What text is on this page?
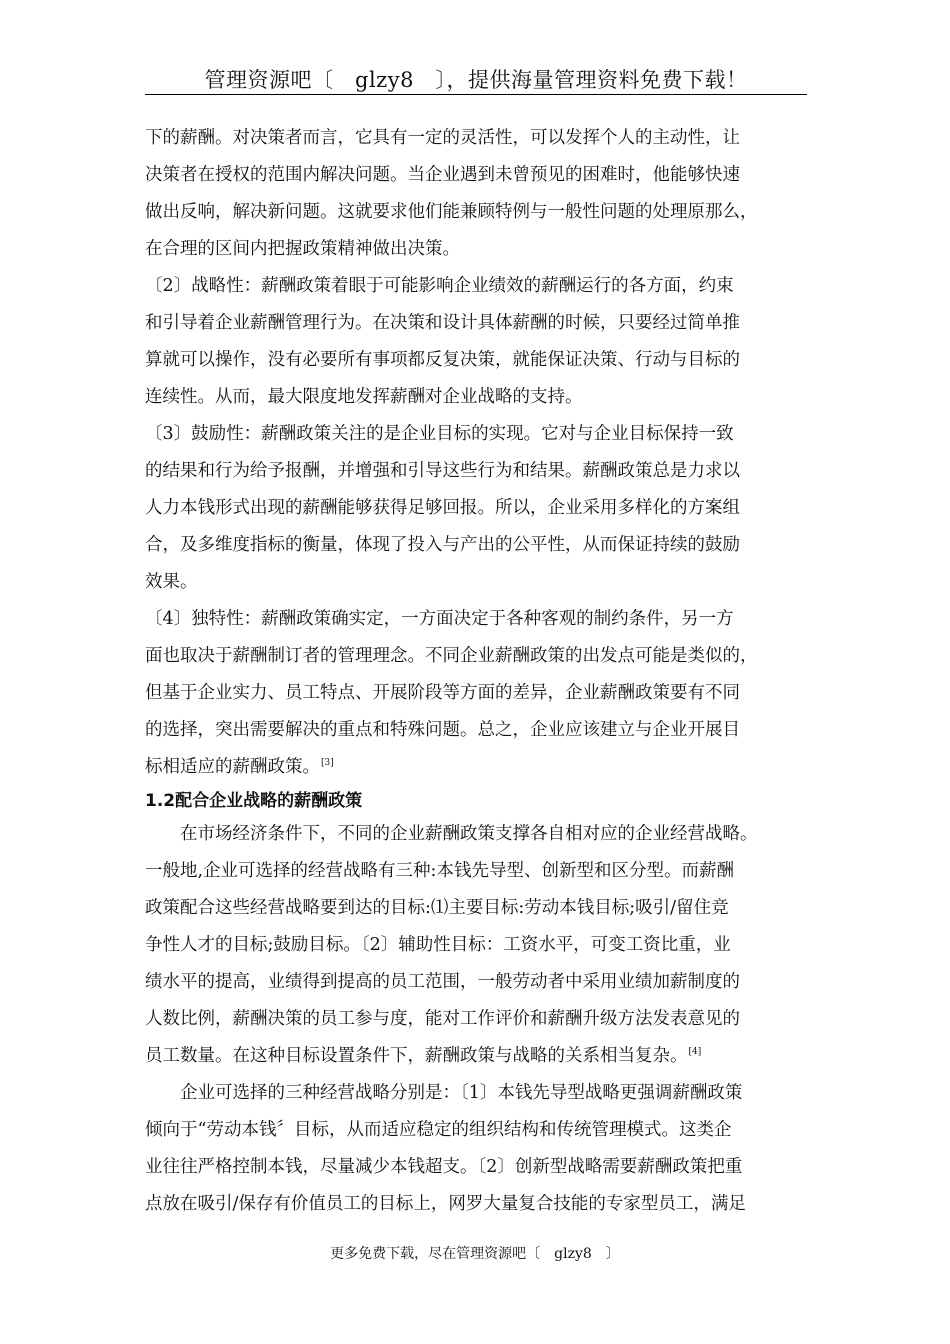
管理资源吧〔　glzy8　〕，提供海量管理资料免费下载！
下的薪酬。对决策者而言，它具有一定的灵活性，可以发挥个人的主动性，让
决策者在授权的范围内解决问题。当企业遇到未曾预见的困难时，他能够快速
做出反响，解决新问题。这就要求他们能兼顾特例与一般性问题的处理原那么，
在合理的区间内把握政策精神做出决策。
〔2〕战略性：薪酬政策着眼于可能影响企业绩效的薪酬运行的各方面，约束
和引导着企业薪酬管理行为。在决策和设计具体薪酬的时候，只要经过简单推
算就可以操作，没有必要所有事项都反复决策，就能保证决策、行动与目标的
连续性。从而，最大限度地发挥薪酬对企业战略的支持。
〔3〕鼓励性：薪酬政策关注的是企业目标的实现。它对与企业目标保持一致
的结果和行为给予报酬，并增强和引导这些行为和结果。薪酬政策总是力求以
人力本钱形式出现的薪酬能够获得足够回报。所以，企业采用多样化的方案组
合，及多维度指标的衡量，体现了投入与产出的公平性，从而保证持续的鼓励
效果。
〔4〕独特性：薪酬政策确实定，一方面决定于各种客观的制约条件，另一方
面也取决于薪酬制订者的管理理念。不同企业薪酬政策的出发点可能是类似的，
但基于企业实力、员工特点、开展阶段等方面的差异，企业薪酬政策要有不同
的选择，突出需要解决的重点和特殊问题。总之，企业应该建立与企业开展目
标相适应的薪酬政策。[3]
1.2配合企业战略的薪酬政策
　　在市场经济条件下，不同的企业薪酬政策支撑各自相对应的企业经营战略。
一般地,企业可选择的经营战略有三种:本钱先导型、创新型和区分型。而薪酬
政策配合这些经营战略要到达的目标:⑴主要目标:劳动本钱目标;吸引/留住竞
争性人才的目标;鼓励目标。〔2〕辅助性目标：工资水平，可变工资比重，业
绩水平的提高，业绩得到提高的员工范围，一般劳动者中采用业绩加薪制度的
人数比例，薪酬决策的员工参与度，能对工作评价和薪酬升级方法发表意见的
员工数量。在这种目标设置条件下，薪酬政策与战略的关系相当复杂。[4]
　　企业可选择的三种经营战略分别是：〔1〕本钱先导型战略更强调薪酬政策
倾向于“劳动本钱〞目标，从而适应稳定的组织结构和传统管理模式。这类企
业往往严格控制本钱，尽量减少本钱超支。〔2〕创新型战略需要薪酬政策把重
点放在吸引/保存有价值员工的目标上，网罗大量复合技能的专家型员工，满足
更多免费下载，尽在管理资源吧〔　glzy8　〕
